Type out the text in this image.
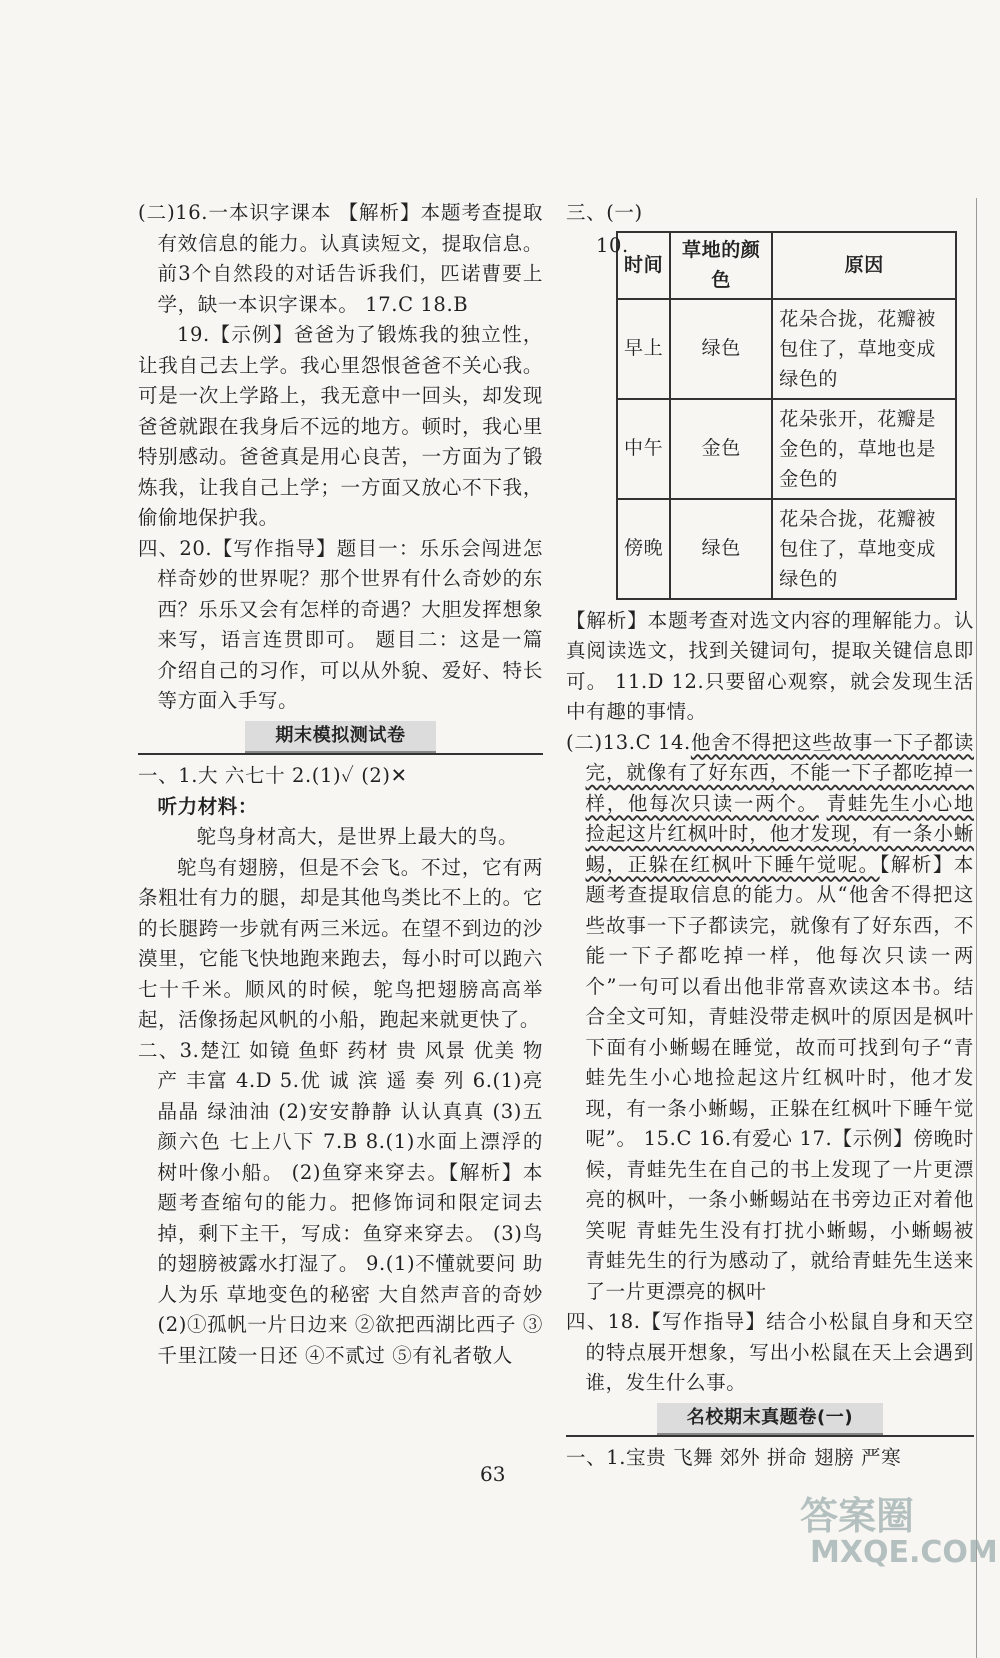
(二)16.一本识字课本 【解析】本题考查提取有效信息的能力。认真读短文，提取信息。前3个自然段的对话告诉我们，匹诺曹要上学，缺一本识字课本。 17.C 18.B

19.【示例】爸爸为了锻炼我的独立性，让我自己去上学。我心里怨恨爸爸不关心我。可是一次上学路上，我无意中一回头，却发现爸爸就跟在我身后不远的地方。顿时，我心里特别感动。爸爸真是用心良苦，一方面为了锻炼我，让我自己上学；一方面又放心不下我，偷偷地保护我。

四、20.【写作指导】题目一：乐乐会闯进怎样奇妙的世界呢？那个世界有什么奇妙的东西？乐乐又会有怎样的奇遇？大胆发挥想象来写，语言连贯即可。 题目二：这是一篇介绍自己的习作，可以从外貌、爱好、特长等方面入手写。

期末模拟测试卷

一、1.大 六七十 2.(1)✓ (2)✕

听力材料：

鸵鸟身材高大，是世界上最大的鸟。

鸵鸟有翅膀，但是不会飞。不过，它有两条粗壮有力的腿，却是其他鸟类比不上的。它的长腿跨一步就有两三米远。在望不到边的沙漠里，它能飞快地跑来跑去，每小时可以跑六七十千米。顺风的时候，鸵鸟把翅膀高高举起，活像扬起风帆的小船，跑起来就更快了。

二、3.楚江 如镜 鱼虾 药材 贵 风景 优美 物产 丰富 4.D 5.优 诚 滨 遥 奏 列 6.(1)亮晶晶 绿油油 (2)安安静静 认认真真 (3)五颜六色 七上八下 7.B 8.(1)水面上漂浮的树叶像小船。 (2)鱼穿来穿去。【解析】本题考查缩句的能力。把修饰词和限定词去掉，剩下主干，写成：鱼穿来穿去。 (3)鸟的翅膀被露水打湿了。 9.(1)不懂就要问 助人为乐 草地变色的秘密 大自然声音的奇妙 (2)①孤帆一片日边来 ②欲把西湖比西子 ③千里江陵一日还 ④不贰过 ⑤有礼者敬人

三、(一)

10.
时间	草地的颜色	原因
早上	绿色	花朵合拢，花瓣被包住了，草地变成绿色的
中午	金色	花朵张开，花瓣是金色的，草地也是金色的
傍晚	绿色	花朵合拢，花瓣被包住了，草地变成绿色的

【解析】本题考查对选文内容的理解能力。认真阅读选文，找到关键词句，提取关键信息即可。 11.D 12.只要留心观察，就会发现生活中有趣的事情。

(二)13.C 14.他舍不得把这些故事一下子都读完，就像有了好东西，不能一下子都吃掉一样，他每次只读一两个。 青蛙先生小心地捡起这片红枫叶时，他才发现，有一条小蜥蜴，正躲在红枫叶下睡午觉呢。【解析】本题考查提取信息的能力。从“他舍不得把这些故事一下子都读完，就像有了好东西，不能一下子都吃掉一样，他每次只读一两个”一句可以看出他非常喜欢读这本书。结合全文可知，青蛙没带走枫叶的原因是枫叶下面有小蜥蜴在睡觉，故而可找到句子“青蛙先生小心地捡起这片红枫叶时，他才发现，有一条小蜥蜴，正躲在红枫叶下睡午觉呢”。 15.C 16.有爱心 17.【示例】傍晚时候，青蛙先生在自己的书上发现了一片更漂亮的枫叶，一条小蜥蜴站在书旁边正对着他笑呢 青蛙先生没有打扰小蜥蜴，小蜥蜴被青蛙先生的行为感动了，就给青蛙先生送来了一片更漂亮的枫叶

四、18.【写作指导】结合小松鼠自身和天空的特点展开想象，写出小松鼠在天上会遇到谁，发生什么事。

名校期末真题卷(一)

一、1.宝贵 飞舞 郊外 拼命 翅膀 严寒

63
答案圈
MXQE.COM
